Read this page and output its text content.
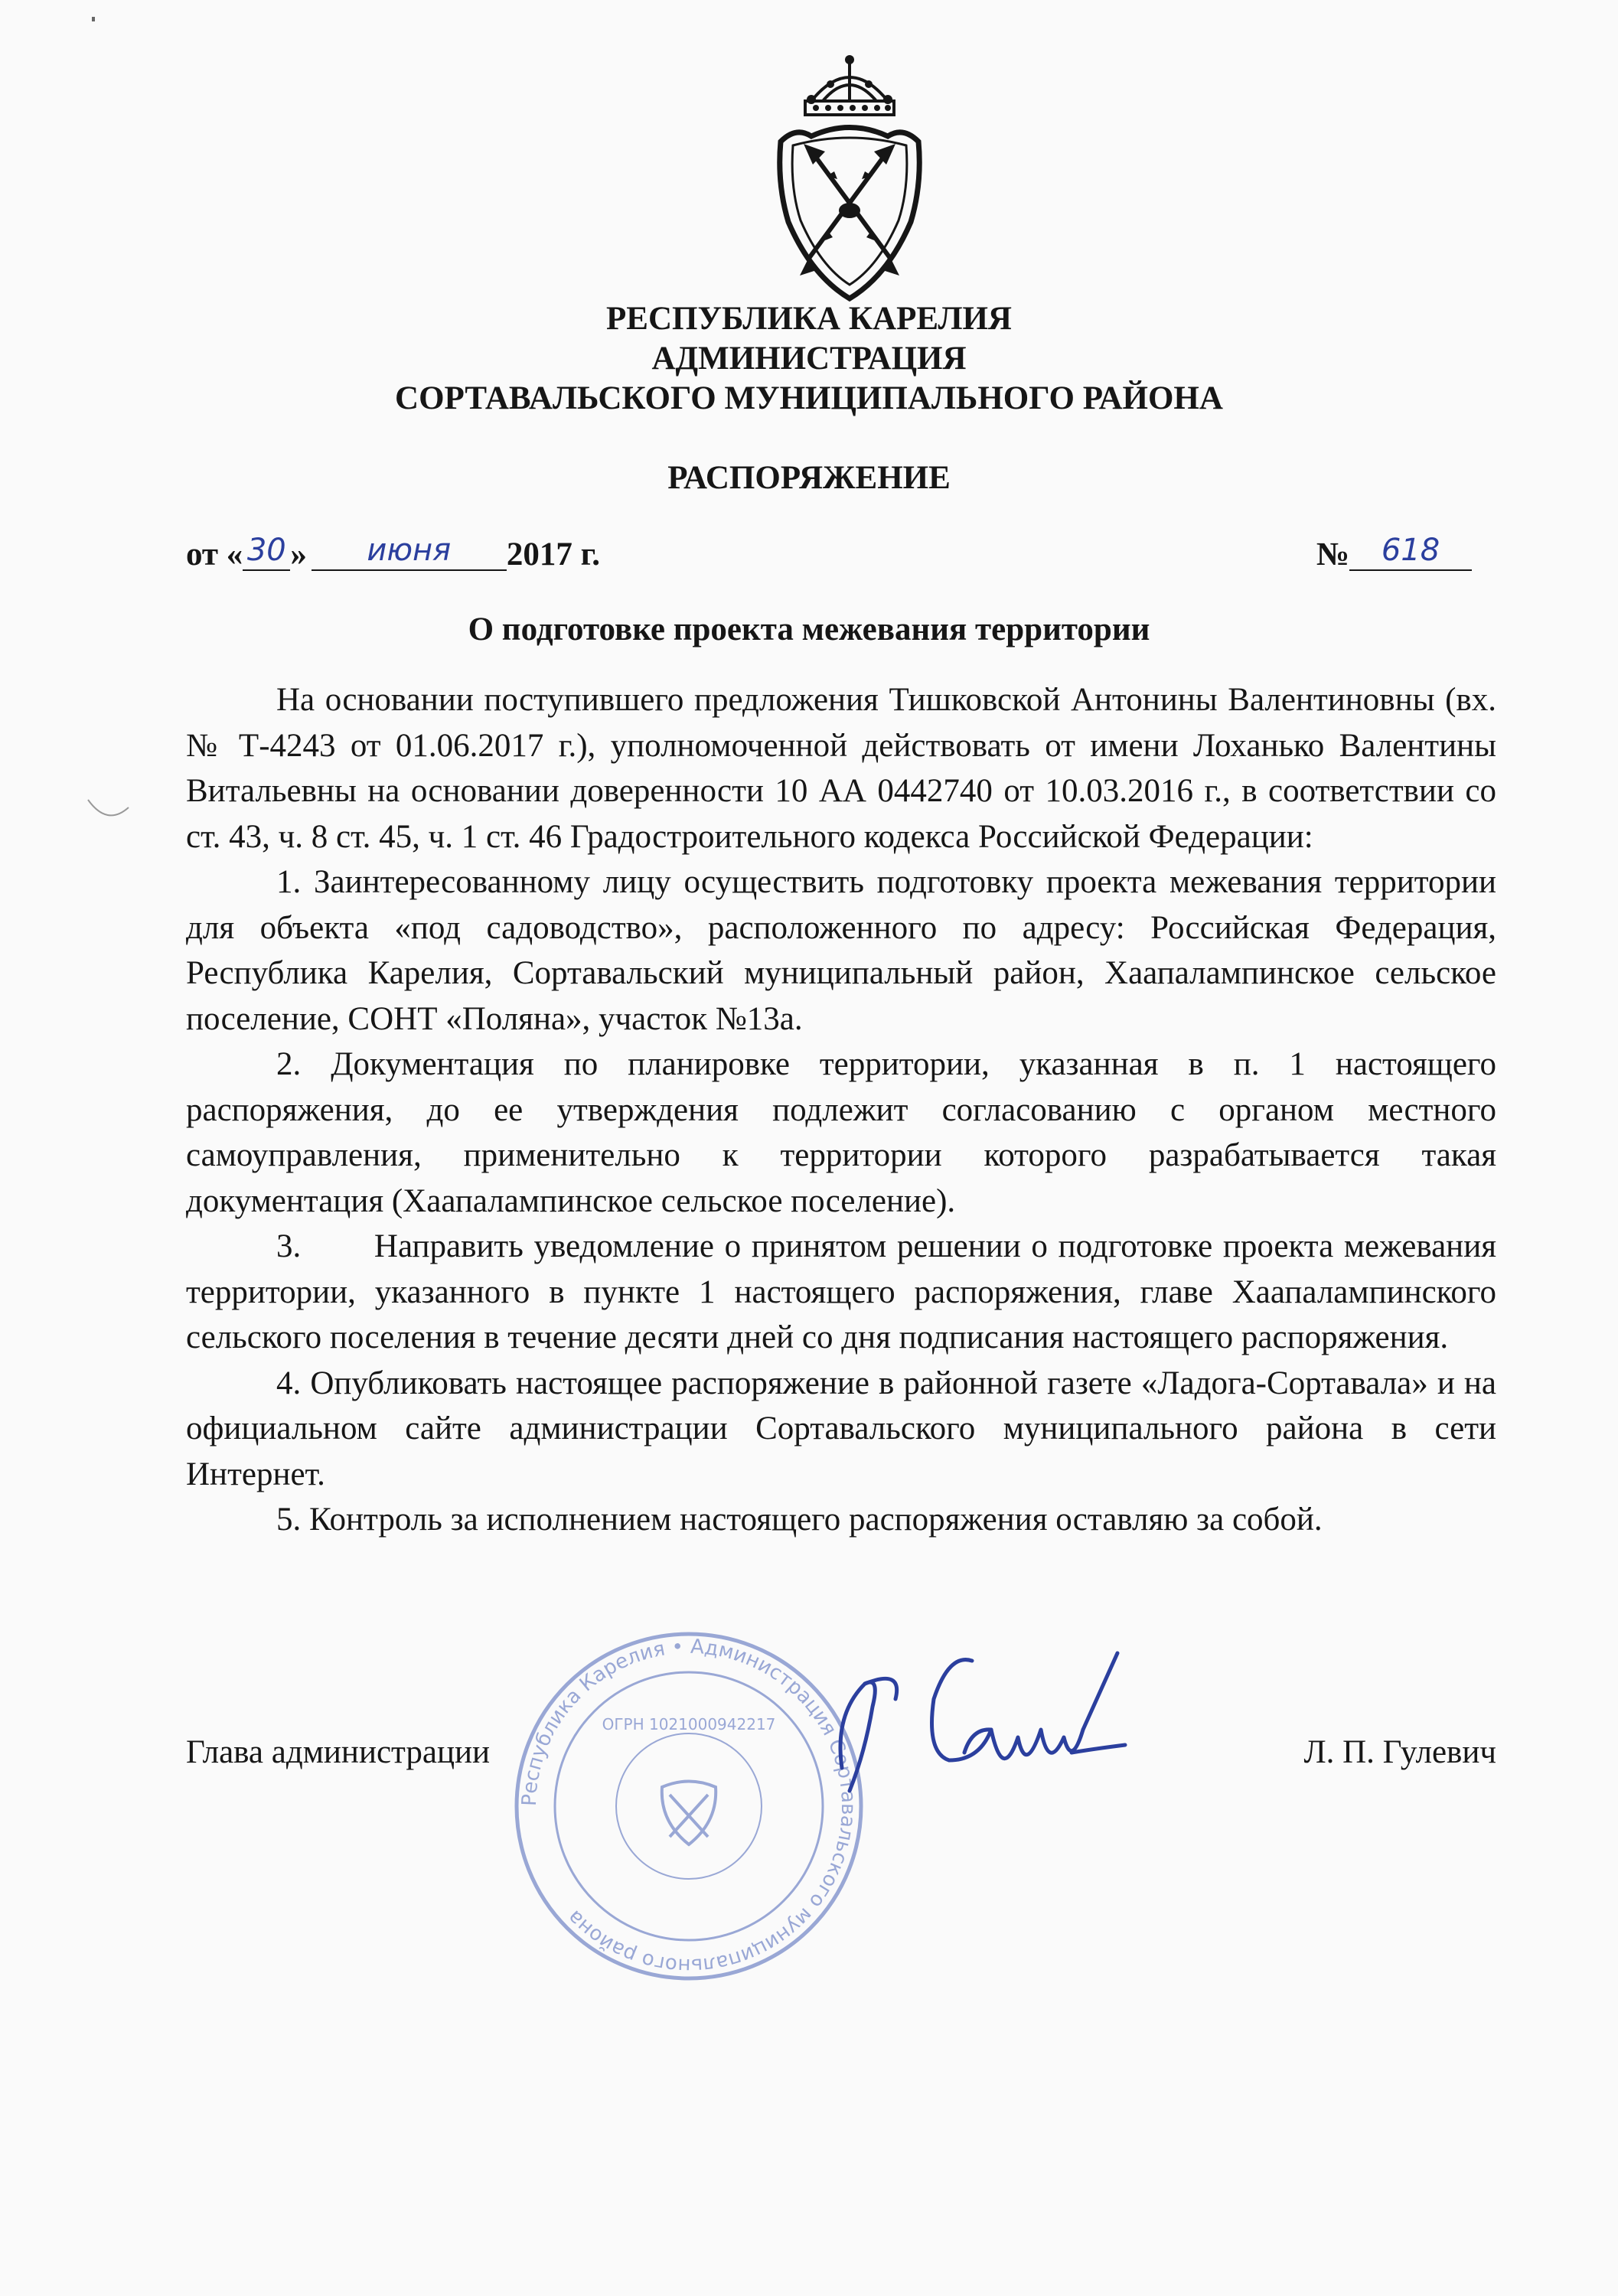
РЕСПУБЛИКА КАРЕЛИЯ
АДМИНИСТРАЦИЯ
СОРТАВАЛЬСКОГО МУНИЦИПАЛЬНОГО РАЙОНА
РАСПОРЯЖЕНИЕ
от « 30 » июня 2017 г.	№ 618
О подготовке проекта межевания территории

На основании поступившего предложения Тишковской Антонины Валентиновны (вх. № Т-4243 от 01.06.2017 г.), уполномоченной действовать от имени Лоханько Валентины Витальевны на основании доверенности 10 АА 0442740 от 10.03.2016 г., в соответствии со ст. 43, ч. 8 ст. 45, ч. 1 ст. 46 Градостроительного кодекса Российской Федерации:

1. Заинтересованному лицу осуществить подготовку проекта межевания территории для объекта «под садоводство», расположенного по адресу: Российская Федерация, Республика Карелия, Сортавальский муниципальный район, Хаапалампинское сельское поселение, СОНТ «Поляна», участок №13а.

2. Документация по планировке территории, указанная в п. 1 настоящего распоряжения, до ее утверждения подлежит согласованию с органом местного самоуправления, применительно к территории которого разрабатывается такая документация (Хаапалампинское сельское поселение).

3.       Направить уведомление о принятом решении о подготовке проекта межевания территории, указанного в пункте 1 настоящего распоряжения, главе Хаапалампинского сельского поселения в течение десяти дней со дня подписания настоящего распоряжения.

4. Опубликовать настоящее распоряжение в районной газете «Ладога-Сортавала» и на официальном сайте администрации Сортавальского муниципального района в сети Интернет.

5. Контроль за исполнением настоящего распоряжения оставляю за собой.

Республика Карелия • Администрация Сортавальского муниципального района
ОГРН 1021000942217
Глава администрации	Л. П. Гулевич
